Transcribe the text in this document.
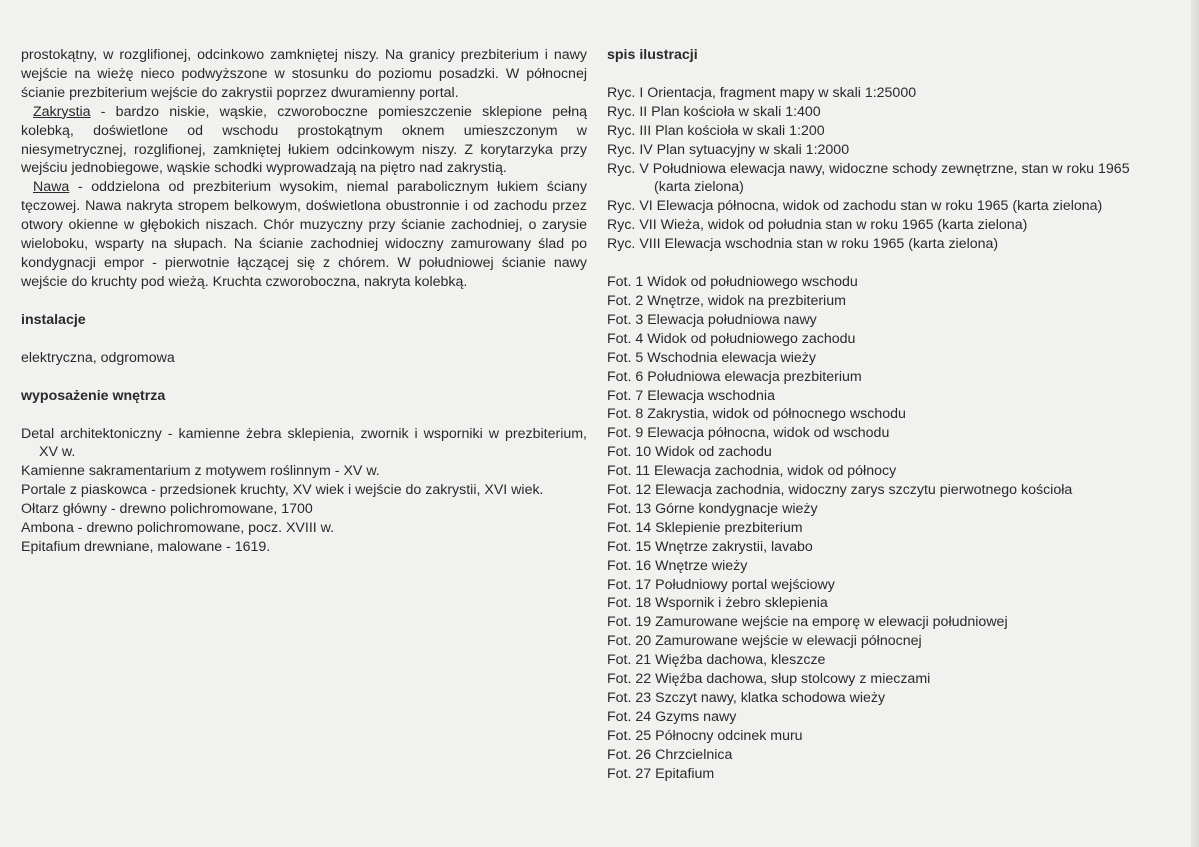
prostokątny, w rozglifionej, odcinkowo zamkniętej niszy. Na granicy prezbiterium i nawy wejście na wieżę nieco podwyższone w stosunku do poziomu posadzki. W północnej ścianie prezbiterium wejście do zakrystii poprzez dwuramienny portal.

Zakrystia - bardzo niskie, wąskie, czworoboczne pomieszczenie sklepione pełną kolebką, doświetlone od wschodu prostokątnym oknem umieszczonym w niesymetrycznej, rozglifionej, zamkniętej łukiem odcinkowym niszy. Z korytarzyka przy wejściu jednobiegowe, wąskie schodki wyprowadzają na piętro nad zakrystią.

Nawa - oddzielona od prezbiterium wysokim, niemal parabolicznym łukiem ściany tęczowej. Nawa nakryta stropem belkowym, doświetlona obustronnie i od zachodu przez otwory okienne w głębokich niszach. Chór muzyczny przy ścianie zachodniej, o zarysie wieloboku, wsparty na słupach. Na ścianie zachodniej widoczny zamurowany ślad po kondygnacji empor - pierwotnie łączącej się z chórem. W południowej ścianie nawy wejście do kruchty pod wieżą. Kruchta czworoboczna, nakryta kolebką.

instalacje

elektryczna, odgromowa

wyposażenie wnętrza

Detal architektoniczny - kamienne żebra sklepienia, zwornik i wsporniki w prezbiterium, XV w.

Kamienne sakramentarium z motywem roślinnym - XV w.

Portale z piaskowca - przedsionek kruchty, XV wiek i wejście do zakrystii, XVI wiek.

Ołtarz główny - drewno polichromowane, 1700

Ambona - drewno polichromowane, pocz. XVIII w.

Epitafium drewniane, malowane - 1619.

spis ilustracji

Ryc. I Orientacja, fragment mapy w skali 1:25000

Ryc. II Plan kościoła w skali 1:400

Ryc. III Plan kościoła w skali 1:200

Ryc. IV Plan sytuacyjny w skali 1:2000

Ryc. V Południowa elewacja nawy, widoczne schody zewnętrzne, stan w roku 1965 (karta zielona)

Ryc. VI Elewacja północna, widok od zachodu stan w roku 1965 (karta zielona)

Ryc. VII Wieża, widok od południa stan w roku 1965 (karta zielona)

Ryc. VIII Elewacja wschodnia stan w roku 1965 (karta zielona)

Fot. 1 Widok od południowego wschodu

Fot. 2 Wnętrze, widok na prezbiterium

Fot. 3 Elewacja południowa nawy

Fot. 4 Widok od południowego zachodu

Fot. 5 Wschodnia elewacja wieży

Fot. 6 Południowa elewacja prezbiterium

Fot. 7 Elewacja wschodnia

Fot. 8 Zakrystia, widok od północnego wschodu

Fot. 9 Elewacja północna, widok od wschodu

Fot. 10 Widok od zachodu

Fot. 11 Elewacja zachodnia, widok od północy

Fot. 12 Elewacja zachodnia, widoczny zarys szczytu pierwotnego kościoła

Fot. 13 Górne kondygnacje wieży

Fot. 14 Sklepienie prezbiterium

Fot. 15 Wnętrze zakrystii, lavabo

Fot. 16 Wnętrze wieży

Fot. 17 Południowy portal wejściowy

Fot. 18 Wspornik i żebro sklepienia

Fot. 19 Zamurowane wejście na emporę w elewacji południowej

Fot. 20 Zamurowane wejście w elewacji północnej

Fot. 21 Więźba dachowa, kleszcze

Fot. 22 Więźba dachowa, słup stolcowy z mieczami

Fot. 23 Szczyt nawy, klatka schodowa wieży

Fot. 24 Gzyms nawy

Fot. 25 Północny odcinek muru

Fot. 26 Chrzcielnica

Fot. 27 Epitafium
